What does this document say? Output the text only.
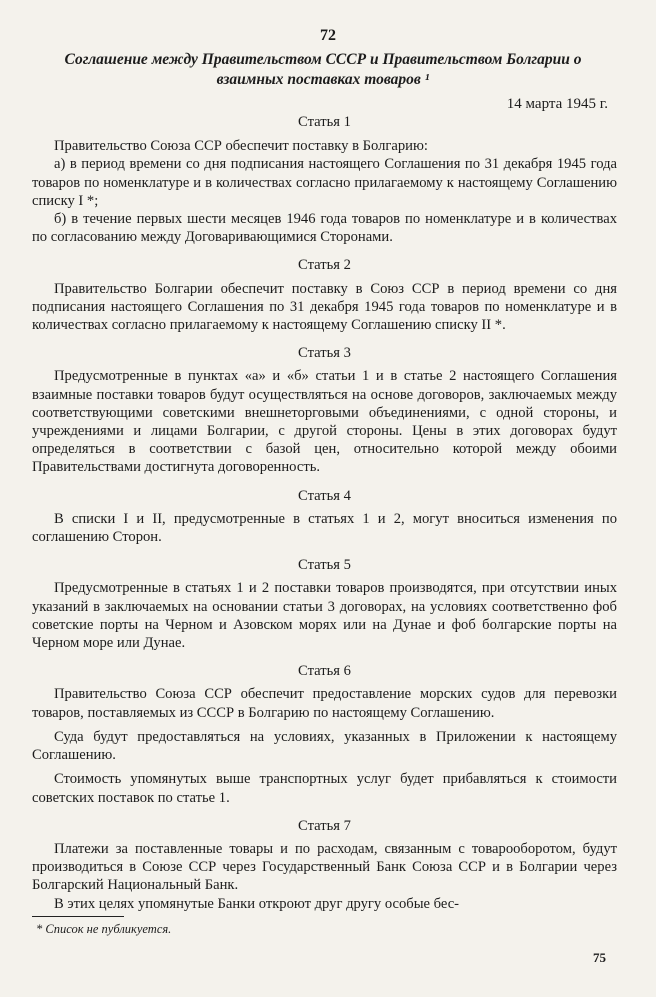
72
Соглашение между Правительством СССР и Правительством Болгарии о взаимных поставках товаров ¹
14 марта 1945 г.
Статья 1

Правительство Союза ССР обеспечит поставку в Болгарию:

а) в период времени со дня подписания настоящего Соглашения по 31 декабря 1945 года товаров по номенклатуре и в количествах согласно прилагаемому к настоящему Соглашению списку I *;

б) в течение первых шести месяцев 1946 года товаров по номенклатуре и в количествах по согласованию между Договаривающимися Сторонами.

Статья 2

Правительство Болгарии обеспечит поставку в Союз ССР в период времени со дня подписания настоящего Соглашения по 31 декабря 1945 года товаров по номенклатуре и в количествах согласно прилагаемому к настоящему Соглашению списку II *.

Статья 3

Предусмотренные в пунктах «а» и «б» статьи 1 и в статье 2 настоящего Соглашения взаимные поставки товаров будут осуществляться на основе договоров, заключаемых между соответствующими советскими внешнеторговыми объединениями, с одной стороны, и учреждениями и лицами Болгарии, с другой стороны. Цены в этих договорах будут определяться в соответствии с базой цен, относительно которой между обоими Правительствами достигнута договоренность.

Статья 4

В списки I и II, предусмотренные в статьях 1 и 2, могут вноситься изменения по соглашению Сторон.

Статья 5

Предусмотренные в статьях 1 и 2 поставки товаров производятся, при отсутствии иных указаний в заключаемых на основании статьи 3 договорах, на условиях соответственно фоб советские порты на Черном и Азовском морях или на Дунае и фоб болгарские порты на Черном море или Дунае.

Статья 6

Правительство Союза ССР обеспечит предоставление морских судов для перевозки товаров, поставляемых из СССР в Болгарию по настоящему Соглашению.

Суда будут предоставляться на условиях, указанных в Приложении к настоящему Соглашению.

Стоимость упомянутых выше транспортных услуг будет прибавляться к стоимости советских поставок по статье 1.

Статья 7

Платежи за поставленные товары и по расходам, связанным с товарооборотом, будут производиться в Союзе ССР через Государственный Банк Союза ССР и в Болгарии через Болгарский Национальный Банк.

В этих целях упомянутые Банки откроют друг другу особые бес-

* Список не публикуется.
75
